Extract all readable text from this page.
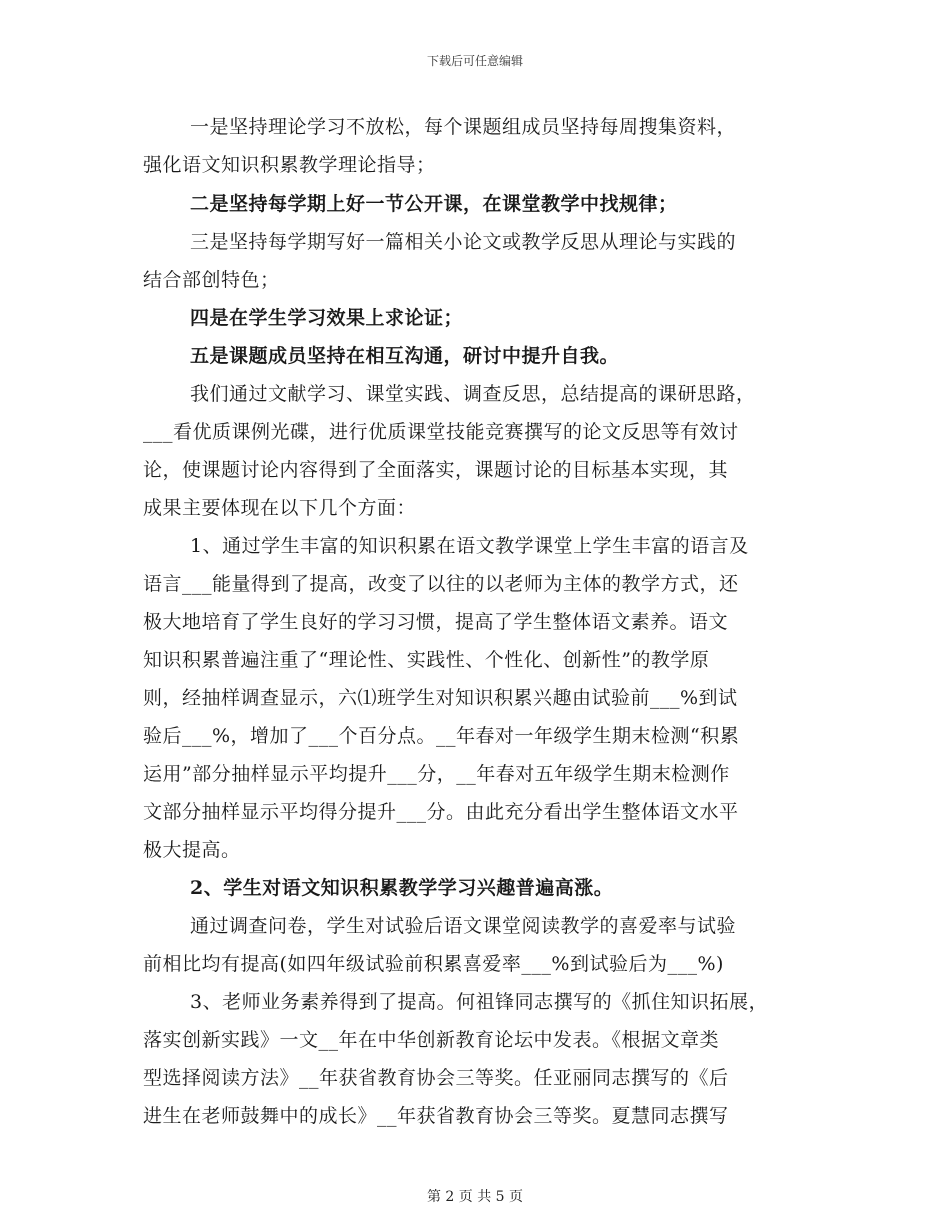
下载后可任意编辑
一是坚持理论学习不放松，每个课题组成员坚持每周搜集资料，
强化语文知识积累教学理论指导；
二是坚持每学期上好一节公开课，在课堂教学中找规律；
三是坚持每学期写好一篇相关小论文或教学反思从理论与实践的
结合部创特色；
四是在学生学习效果上求论证；
五是课题成员坚持在相互沟通，研讨中提升自我。
我们通过文献学习、课堂实践、调查反思，总结提高的课研思路，
___看优质课例光碟，进行优质课堂技能竞赛撰写的论文反思等有效讨
论，使课题讨论内容得到了全面落实，课题讨论的目标基本实现，其
成果主要体现在以下几个方面：
1、通过学生丰富的知识积累在语文教学课堂上学生丰富的语言及
语言___能量得到了提高，改变了以往的以老师为主体的教学方式，还
极大地培育了学生良好的学习习惯，提高了学生整体语文素养。语文
知识积累普遍注重了“理论性、实践性、个性化、创新性”的教学原
则，经抽样调查显示，六⑴班学生对知识积累兴趣由试验前___%到试
验后___%，增加了___个百分点。__年春对一年级学生期末检测“积累
运用”部分抽样显示平均提升___分，__年春对五年级学生期末检测作
文部分抽样显示平均得分提升___分。由此充分看出学生整体语文水平
极大提高。
2、学生对语文知识积累教学学习兴趣普遍高涨。
通过调查问卷，学生对试验后语文课堂阅读教学的喜爱率与试验
前相比均有提高(如四年级试验前积累喜爱率___%到试验后为___%)
3、老师业务素养得到了提高。何祖锋同志撰写的《抓住知识拓展，
落实创新实践》一文__年在中华创新教育论坛中发表。《根据文章类
型选择阅读方法》__年获省教育协会三等奖。任亚丽同志撰写的《后
进生在老师鼓舞中的成长》__年获省教育协会三等奖。夏慧同志撰写
第 2 页 共 5 页
